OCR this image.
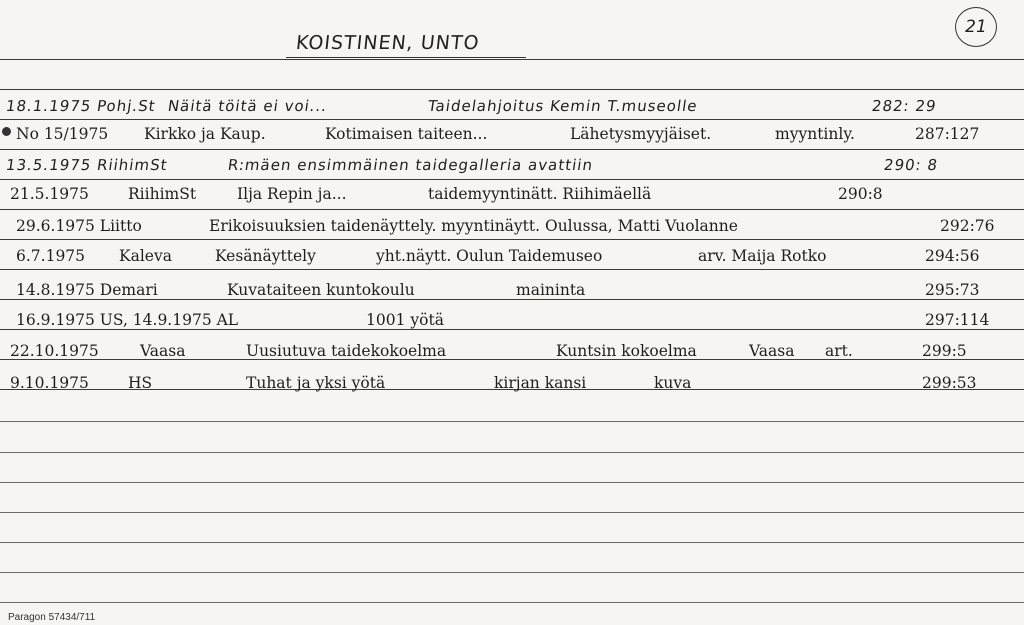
KOISTINEN, UNTO
21
18.1.1975 Pohj.St Näitä töitä ei voi...	Taidelahjoitus Kemin T.museolle	282: 29
No 15/1975 Kirkko ja Kaup.	Kotimaisen taiteen...	Lähetysmyyjäiset.	myyntinly.	287:127
13.5.1975 RiihimSt	R:mäen ensimmäinen taidegalleria avattiin	290: 8
21.5.1975	RiihimSt	Ilja Repin ja...	taidemyyntinätt. Riihimäellä	290:8
29.6.1975 Liitto	Erikoisuuksien taidenäyttely. myyntinäytt. Oulussa, Matti Vuolanne	292:76
6.7.1975 Kaleva	Kesänäyttely	yht.näytt. Oulun Taidemuseo	arv. Maija Rotko	294:56
14.8.1975 Demari	Kuvataiteen kuntokoulu	maininta	295:73
16.9.1975 US, 14.9.1975 AL	1001 yötä	297:114
22.10.1975	Vaasa	Uusiutuva taidekokoelma	Kuntsin kokoelma	Vaasa art.	299:5
9.10.1975	HS	Tuhat ja yksi yötä	kirjan kansi	kuva	299:53
Paragon 57434/711
